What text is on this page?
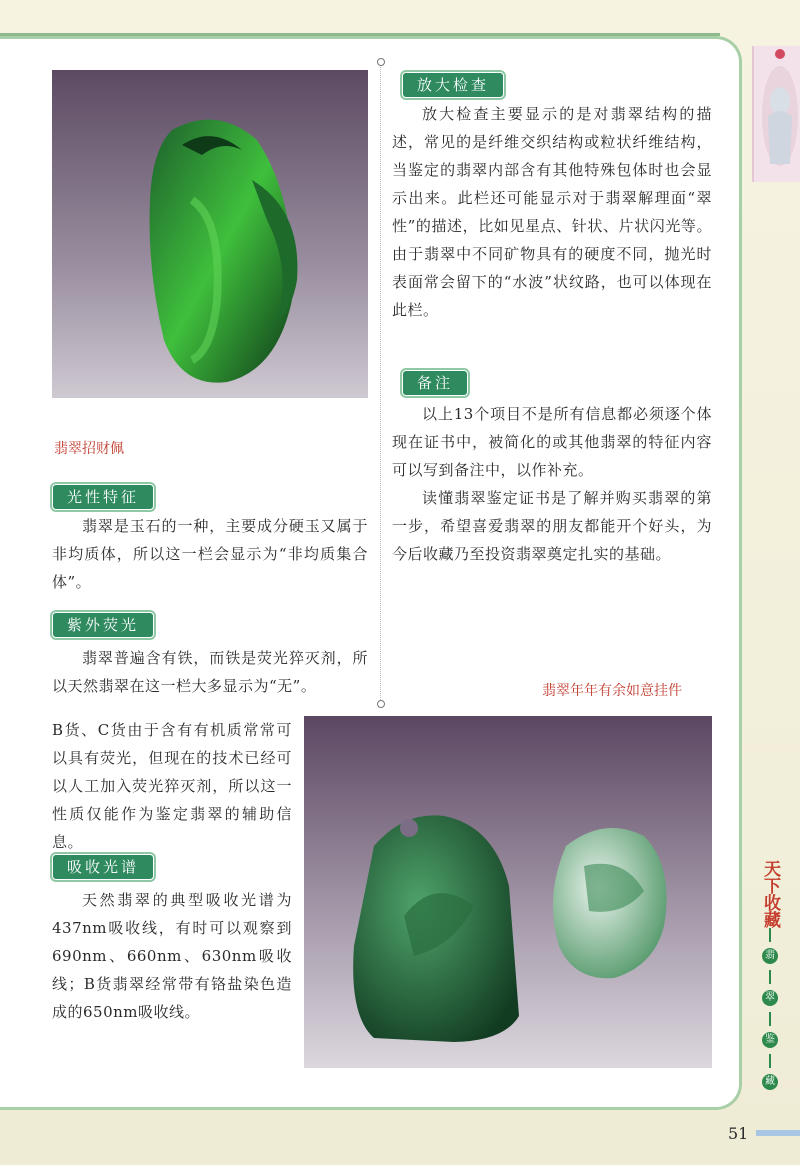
翡翠招财佩
光性特征

翡翠是玉石的一种，主要成分硬玉又属于非均质体，所以这一栏会显示为“非均质集合体”。

紫外荧光

翡翠普遍含有铁，而铁是荧光猝灭剂，所以天然翡翠在这一栏大多显示为“无”。

B货、C货由于含有有机质常常可以具有荧光，但现在的技术已经可以人工加入荧光猝灭剂，所以这一性质仅能作为鉴定翡翠的辅助信息。

吸收光谱

天然翡翠的典型吸收光谱为437nm吸收线，有时可以观察到690nm、660nm、630nm吸收线；B货翡翠经常带有铬盐染色造成的650nm吸收线。

放大检查

放大检查主要显示的是对翡翠结构的描述，常见的是纤维交织结构或粒状纤维结构，当鉴定的翡翠内部含有其他特殊包体时也会显示出来。此栏还可能显示对于翡翠解理面“翠性”的描述，比如见星点、针状、片状闪光等。由于翡翠中不同矿物具有的硬度不同，抛光时表面常会留下的“水波”状纹路，也可以体现在此栏。

备注

以上13个项目不是所有信息都必须逐个体现在证书中，被简化的或其他翡翠的特征内容可以写到备注中，以作补充。

读懂翡翠鉴定证书是了解并购买翡翠的第一步，希望喜爱翡翠的朋友都能开个好头，为今后收藏乃至投资翡翠奠定扎实的基础。

翡翠年年有余如意挂件
天下收藏
翡
翠
鉴
藏
51
